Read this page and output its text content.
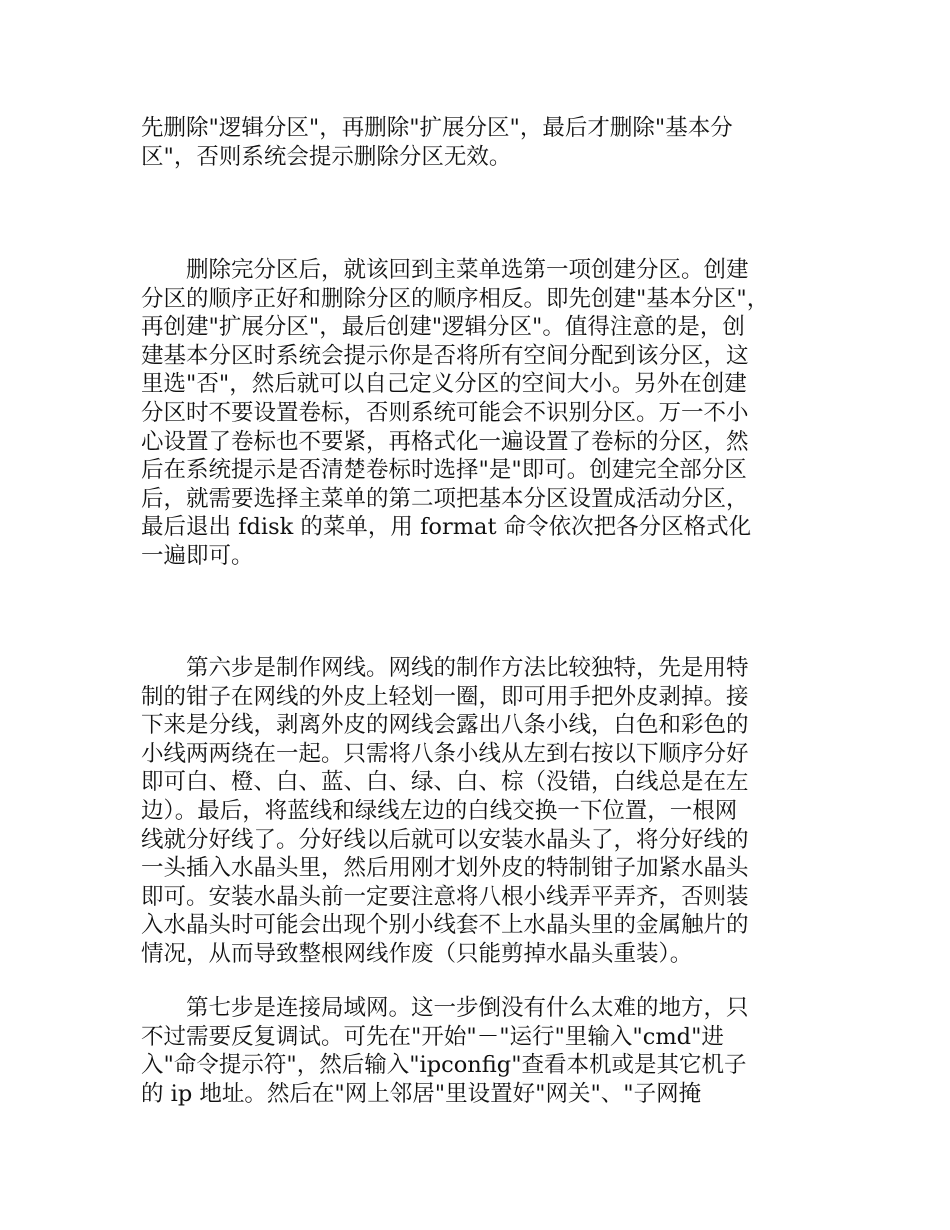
先删除"逻辑分区"，再删除"扩展分区"，最后才删除"基本分
区"，否则系统会提示删除分区无效。
　　删除完分区后，就该回到主菜单选第一项创建分区。创建
分区的顺序正好和删除分区的顺序相反。即先创建"基本分区"，
再创建"扩展分区"，最后创建"逻辑分区"。值得注意的是，创
建基本分区时系统会提示你是否将所有空间分配到该分区，这
里选"否"，然后就可以自己定义分区的空间大小。另外在创建
分区时不要设置卷标，否则系统可能会不识别分区。万一不小
心设置了卷标也不要紧，再格式化一遍设置了卷标的分区，然
后在系统提示是否清楚卷标时选择"是"即可。创建完全部分区
后，就需要选择主菜单的第二项把基本分区设置成活动分区，
最后退出 fdisk 的菜单，用 format 命令依次把各分区格式化
一遍即可。
　　第六步是制作网线。网线的制作方法比较独特，先是用特
制的钳子在网线的外皮上轻划一圈，即可用手把外皮剥掉。接
下来是分线，剥离外皮的网线会露出八条小线，白色和彩色的
小线两两绕在一起。只需将八条小线从左到右按以下顺序分好
即可白、橙、白、蓝、白、绿、白、棕（没错，白线总是在左
边）。最后，将蓝线和绿线左边的白线交换一下位置，一根网
线就分好线了。分好线以后就可以安装水晶头了，将分好线的
一头插入水晶头里，然后用刚才划外皮的特制钳子加紧水晶头
即可。安装水晶头前一定要注意将八根小线弄平弄齐，否则装
入水晶头时可能会出现个别小线套不上水晶头里的金属触片的
情况，从而导致整根网线作废（只能剪掉水晶头重装）。
　　第七步是连接局域网。这一步倒没有什么太难的地方，只
不过需要反复调试。可先在"开始"－"运行"里输入"cmd"进
入"命令提示符"，然后输入"ipconfig"查看本机或是其它机子
的 ip 地址。然后在"网上邻居"里设置好"网关"、"子网掩
